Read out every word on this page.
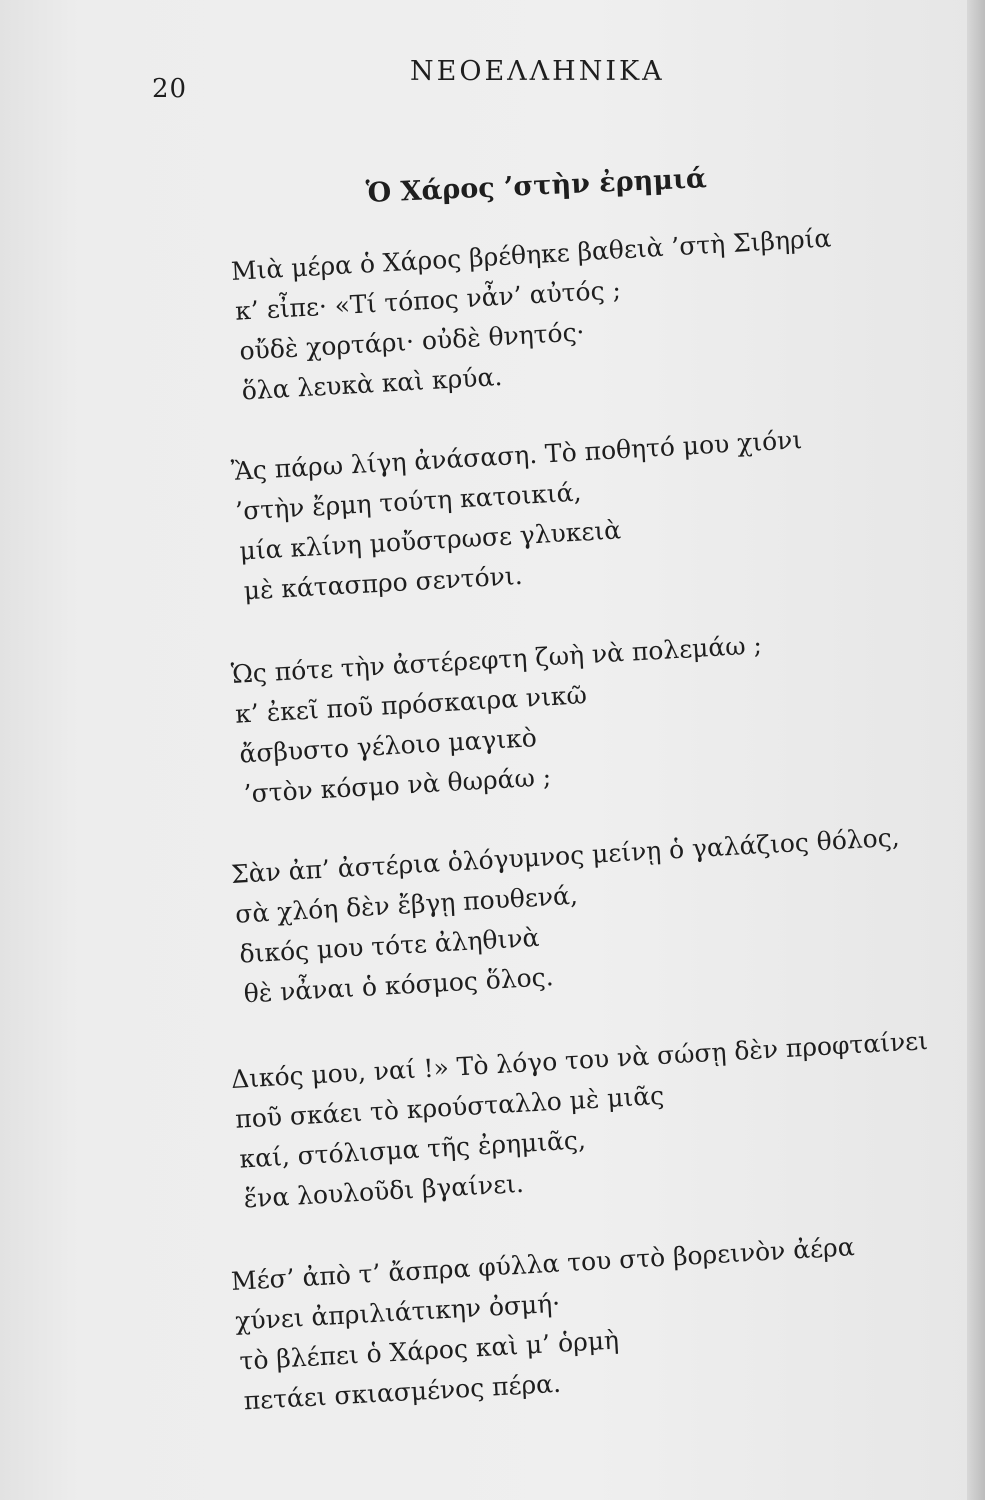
20
ΝΕΟΕΛΛΗΝΙΚΑ
Ὁ Χάρος ’στὴν ἐρημιά
Μιὰ μέρα ὁ Χάρος βρέθηκε βαθειὰ ’στὴ Σιβηρία
κ’ εἶπε· «Τί τόπος νἆν’ αὐτός ;
οὔδὲ χορτάρι· οὐδὲ θνητός·
ὅλα λευκὰ καὶ κρύα.
Ἂς πάρω λίγη ἀνάσαση. Τὸ ποθητό μου χιόνι
’στὴν ἔρμη τούτη κατοικιά,
μία κλίνη μοὔστρωσε γλυκειὰ
μὲ κάτασπρο σεντόνι.
Ὡς πότε τὴν ἀστέρεφτη ζωὴ νὰ πολεμάω ;
κ’ ἐκεῖ ποῦ πρόσκαιρα νικῶ
ἄσβυστο γέλοιο μαγικὸ
’στὸν κόσμο νὰ θωράω ;
Σὰν ἀπ’ ἀστέρια ὁλόγυμνος μείνῃ ὁ γαλάζιος θόλος,
σὰ χλόη δὲν ἔβγῃ πουθενά,
δικός μου τότε ἀληθινὰ
θὲ νἆναι ὁ κόσμος ὅλος.
Δικός μου, ναί !» Τὸ λόγο του νὰ σώσῃ δὲν προφταίνει
ποῦ σκάει τὸ κρούσταλλο μὲ μιᾶς
καί, στόλισμα τῆς ἐρημιᾶς,
ἕνα λουλοῦδι βγαίνει.
Μέσ’ ἀπὸ τ’ ἄσπρα φύλλα του στὸ βορεινὸν ἀέρα
χύνει ἀπριλιάτικην ὀσμή·
τὸ βλέπει ὁ Χάρος καὶ μ’ ὁρμὴ
πετάει σκιασμένος πέρα.
